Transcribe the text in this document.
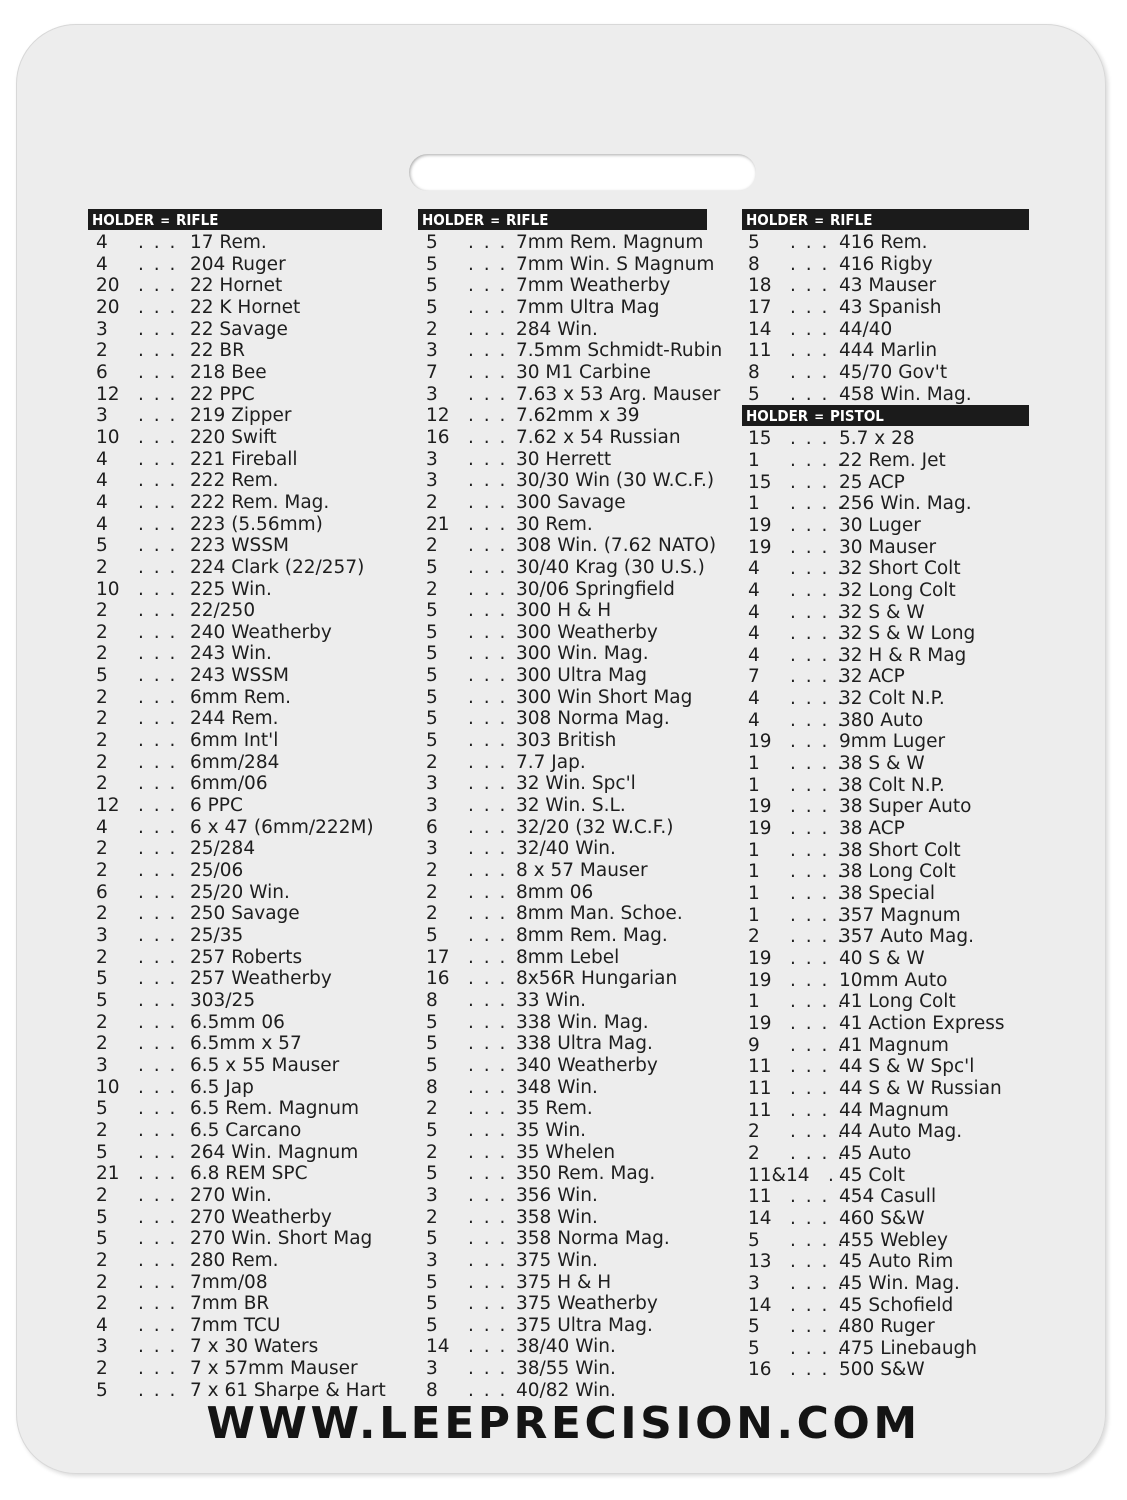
HOLDER = RIFLE
4 . . . 17 Rem.
4 . . . 204 Ruger
20 . . . 22 Hornet
20 . . . 22 K Hornet
3 . . . 22 Savage
2 . . . 22 BR
6 . . . 218 Bee
12 . . . 22 PPC
3 . . . 219 Zipper
10 . . . 220 Swift
4 . . . 221 Fireball
4 . . . 222 Rem.
4 . . . 222 Rem. Mag.
4 . . . 223 (5.56mm)
5 . . . 223 WSSM
2 . . . 224 Clark (22/257)
10 . . . 225 Win.
2 . . . 22/250
2 . . . 240 Weatherby
2 . . . 243 Win.
5 . . . 243 WSSM
2 . . . 6mm Rem.
2 . . . 244 Rem.
2 . . . 6mm Int'l
2 . . . 6mm/284
2 . . . 6mm/06
12 . . . 6 PPC
4 . . . 6 x 47 (6mm/222M)
2 . . . 25/284
2 . . . 25/06
6 . . . 25/20 Win.
2 . . . 250 Savage
3 . . . 25/35
2 . . . 257 Roberts
5 . . . 257 Weatherby
5 . . . 303/25
2 . . . 6.5mm 06
2 . . . 6.5mm x 57
3 . . . 6.5 x 55 Mauser
10 . . . 6.5 Jap
5 . . . 6.5 Rem. Magnum
2 . . . 6.5 Carcano
5 . . . 264 Win. Magnum
21 . . . 6.8 REM SPC
2 . . . 270 Win.
5 . . . 270 Weatherby
5 . . . 270 Win. Short Mag
2 . . . 280 Rem.
2 . . . 7mm/08
2 . . . 7mm BR
4 . . . 7mm TCU
3 . . . 7 x 30 Waters
2 . . . 7 x 57mm Mauser
5 . . . 7 x 61 Sharpe & Hart
HOLDER = RIFLE
5 . . . 7mm Rem. Magnum
5 . . . 7mm Win. S Magnum
5 . . . 7mm Weatherby
5 . . . 7mm Ultra Mag
2 . . . 284 Win.
3 . . . 7.5mm Schmidt-Rubin
7 . . . 30 M1 Carbine
3 . . . 7.63 x 53 Arg. Mauser
12 . . . 7.62mm x 39
16 . . . 7.62 x 54 Russian
3 . . . 30 Herrett
3 . . . 30/30 Win (30 W.C.F.)
2 . . . 300 Savage
21 . . . 30 Rem.
2 . . . 308 Win. (7.62 NATO)
5 . . . 30/40 Krag (30 U.S.)
2 . . . 30/06 Springfield
5 . . . 300 H & H
5 . . . 300 Weatherby
5 . . . 300 Win. Mag.
5 . . . 300 Ultra Mag
5 . . . 300 Win Short Mag
5 . . . 308 Norma Mag.
5 . . . 303 British
2 . . . 7.7 Jap.
3 . . . 32 Win. Spc'l
3 . . . 32 Win. S.L.
6 . . . 32/20 (32 W.C.F.)
3 . . . 32/40 Win.
2 . . . 8 x 57 Mauser
2 . . . 8mm 06
2 . . . 8mm Man. Schoe.
5 . . . 8mm Rem. Mag.
17 . . . 8mm Lebel
16 . . . 8x56R Hungarian
8 . . . 33 Win.
5 . . . 338 Win. Mag.
5 . . . 338 Ultra Mag.
5 . . . 340 Weatherby
8 . . . 348 Win.
2 . . . 35 Rem.
5 . . . 35 Win.
2 . . . 35 Whelen
5 . . . 350 Rem. Mag.
3 . . . 356 Win.
2 . . . 358 Win.
5 . . . 358 Norma Mag.
3 . . . 375 Win.
5 . . . 375 H & H
5 . . . 375 Weatherby
5 . . . 375 Ultra Mag.
14 . . . 38/40 Win.
3 . . . 38/55 Win.
8 . . . 40/82 Win.
HOLDER = RIFLE
5 . . . 416 Rem.
8 . . . 416 Rigby
18 . . . 43 Mauser
17 . . . 43 Spanish
14 . . . 44/40
11 . . . 444 Marlin
8 . . . 45/70 Gov't
5 . . . 458 Win. Mag.
HOLDER = PISTOL
15 . . . 5.7 x 28
1 . . . .
22 Rem. Jet
15 . . . 25 ACP
1 . . . .
256 Win. Mag.
19 . . . 30 Luger
19 . . . 30 Mauser
4 . . . .
32 Short Colt
4 . . . .
32 Long Colt
4 . . . .
32 S & W
4 . . . .
32 S & W Long
4 . . . .
32 H & R Mag
7 . . . .
32 ACP
4 . . . .
32 Colt N.P.
4 . . . .
380 Auto
19 . . . 9mm Luger
1 . . . .
38 S & W
1 . . . .
38 Colt N.P.
19 . . . 38 Super Auto
19 . . . 38 ACP
1 . . . .
38 Short Colt
1 . . . .
38 Long Colt
1 . . . .
38 Special
1 . . . .
357 Magnum
2 . . . .
357 Auto Mag.
19 . . . 40 S & W
19 . . . 10mm Auto
1 . . . .
41 Long Colt
19 . . . 41 Action Express
9 . . . .
41 Magnum
11 . . . 44 S & W Spc'l
11 . . . 44 S & W Russian
11 . . . 44 Magnum
2 . . . .
44 Auto Mag.
2 . . . .
45 Auto
11&14 . 45 Colt
11 . . . 454 Casull
14 . . . 460 S&W
5 . . . .
455 Webley
13 . . . 45 Auto Rim
3 . . . .
45 Win. Mag.
14 . . . 45 Schofield
5 . . . .
480 Ruger
5 . . . .
475 Linebaugh
16 . . . 500 S&W
WWW.LEEPRECISION.COM
